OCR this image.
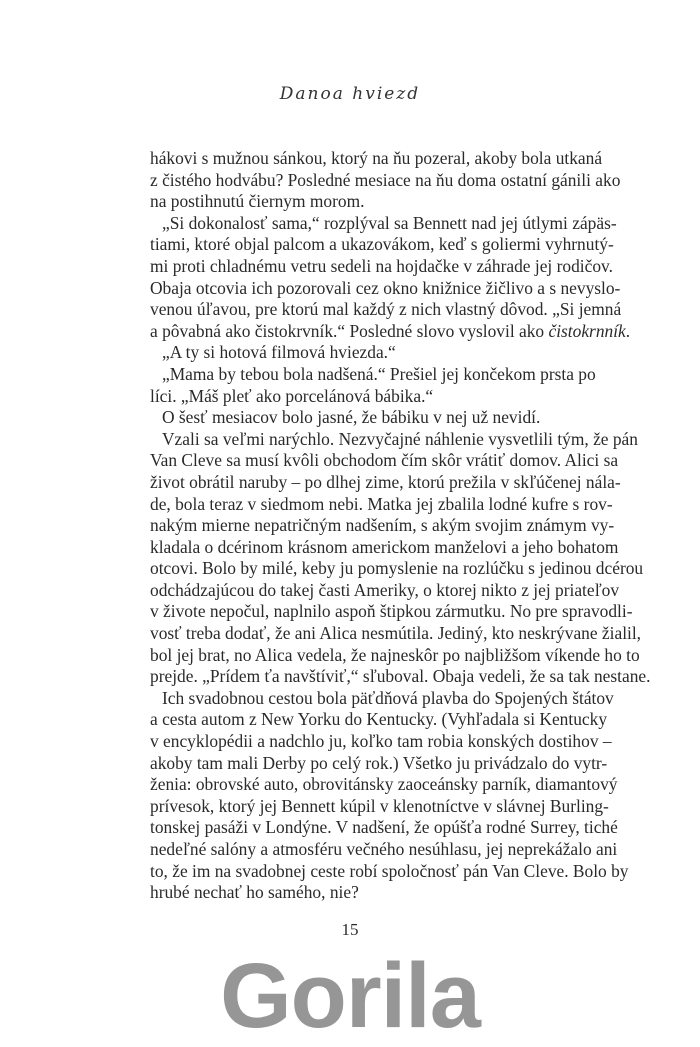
Danoa hviezd
hákovi s mužnou sánkou, ktorý na ňu pozeral, akoby bola utkaná
z čistého hodvábu? Posledné mesiace na ňu doma ostatní gánili ako
na postihnutú čiernym morom.
„Si dokonalosť sama,“ rozplýval sa Bennett nad jej útlymi zápäs-
tiami, ktoré objal palcom a ukazovákom, keď s goliermi vyhrnutý-
mi proti chladnému vetru sedeli na hojdačke v záhrade jej rodičov.
Obaja otcovia ich pozorovali cez okno knižnice žičlivo a s nevyslo-
venou úľavou, pre ktorú mal každý z nich vlastný dôvod. „Si jemná
a pôvabná ako čistokrvník.“ Posledné slovo vyslovil ako čistokrnník.
„A ty si hotová filmová hviezda.“
„Mama by tebou bola nadšená.“ Prešiel jej končekom prsta po
líci. „Máš pleť ako porcelánová bábika.“
O šesť mesiacov bolo jasné, že bábiku v nej už nevidí.
Vzali sa veľmi narýchlo. Nezvyčajné náhlenie vysvetlili tým, že pán
Van Cleve sa musí kvôli obchodom čím skôr vrátiť domov. Alici sa
život obrátil naruby – po dlhej zime, ktorú prežila v skľúčenej nála-
de, bola teraz v siedmom nebi. Matka jej zbalila lodné kufre s rov-
nakým mierne nepatričným nadšením, s akým svojim známym vy-
kladala o dcérinom krásnom americkom manželovi a jeho bohatom
otcovi. Bolo by milé, keby ju pomyslenie na rozlúčku s jedinou dcérou
odchádzajúcou do takej časti Ameriky, o ktorej nikto z jej priateľov
v živote nepočul, naplnilo aspoň štipkou zármutku. No pre spravodli-
vosť treba dodať, že ani Alica nesmútila. Jediný, kto neskrývane žialil,
bol jej brat, no Alica vedela, že najneskôr po najbližšom víkende ho to
prejde. „Prídem ťa navštíviť,“ sľuboval. Obaja vedeli, že sa tak nestane.
Ich svadobnou cestou bola päťdňová plavba do Spojených štátov
a cesta autom z New Yorku do Kentucky. (Vyhľadala si Kentucky
v encyklopédii a nadchlo ju, koľko tam robia konských dostihov –
akoby tam mali Derby po celý rok.) Všetko ju privádzalo do vytr-
ženia: obrovské auto, obrovitánsky zaoceánsky parník, diamantový
prívesok, ktorý jej Bennett kúpil v klenotníctve v slávnej Burling-
tonskej pasáži v Londýne. V nadšení, že opúšťa rodné Surrey, tiché
nedeľné salóny a atmosféru večného nesúhlasu, jej neprekážalo ani
to, že im na svadobnej ceste robí spoločnosť pán Van Cleve. Bolo by
hrubé nechať ho samého, nie?
15
Gorila
